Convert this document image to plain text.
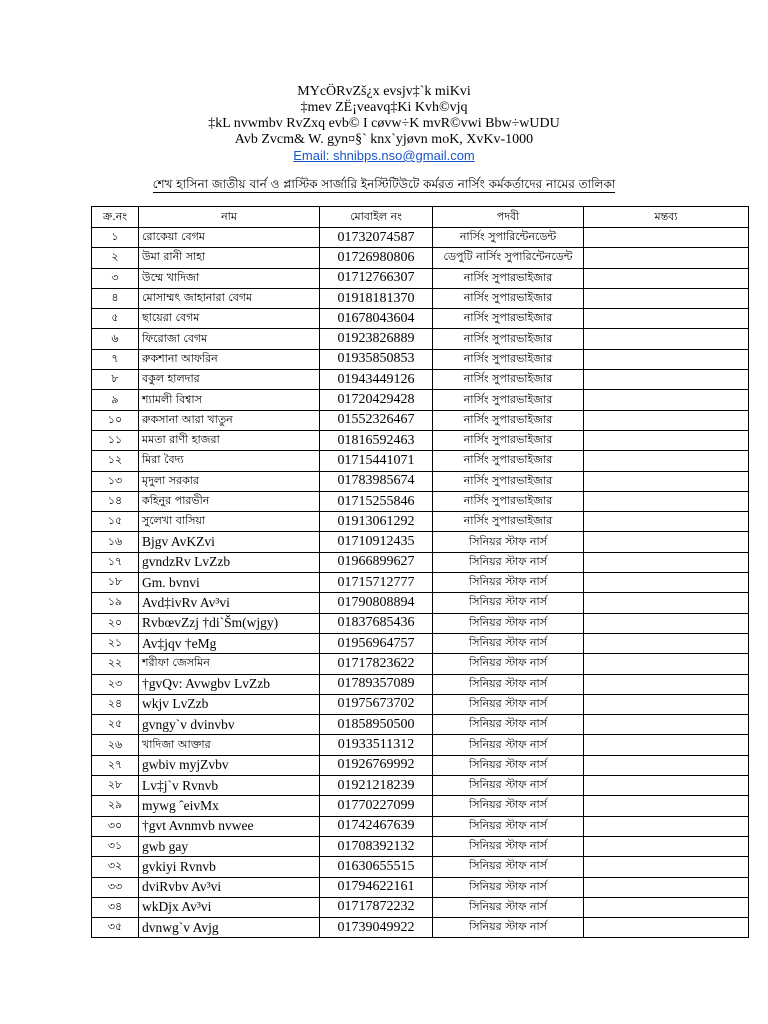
MYcÖRvZš¿x evsjv‡`k miKvi
‡mev ZË¡veavq‡Ki Kvh©vjq
‡kL nvwmbv RvZxq evb© I cøvw÷K mvR©vwi Bbw÷wUDU
Avb Zvcm& W. gyn¤§` knx`yjøvn moK, XvKv-1000
Email: shnibps.nso@gmail.com
শেখ হাসিনা জাতীয় বার্ন ও প্লাস্টিক সার্জারি ইনস্টিটিউটে কর্মরত নার্সিং কর্মকর্তাদের নামের তালিকা
ক্র.নং	নাম	মোবাইল নং	পদবী	মন্তব্য
১	রোকেয়া বেগম	01732074587	নার্সিং সুপারিন্টেনডেন্ট	
২	উমা রানী সাহা	01726980806	ডেপুটি নার্সিং সুপারিন্টেনডেন্ট	
৩	উম্মে খাদিজা	01712766307	নার্সিং সুপারভাইজার	
৪	মোসাম্মৎ জাহানারা বেগম	01918181370	নার্সিং সুপারভাইজার	
৫	ছায়েরা বেগম	01678043604	নার্সিং সুপারভাইজার	
৬	ফিরোজা বেগম	01923826889	নার্সিং সুপারভাইজার	
৭	রুকশানা আফরিন	01935850853	নার্সিং সুপারভাইজার	
৮	বকুল হালদার	01943449126	নার্সিং সুপারভাইজার	
৯	শ্যামলী বিশ্বাস	01720429428	নার্সিং সুপারভাইজার	
১০	রুকসানা আরা খাতুন	01552326467	নার্সিং সুপারভাইজার	
১১	মমতা রাণী হাজরা	01816592463	নার্সিং সুপারভাইজার	
১২	মিরা বৈদ্য	01715441071	নার্সিং সুপারভাইজার	
১৩	মৃদুলা সরকার	01783985674	নার্সিং সুপারভাইজার	
১৪	কহিনুর পারভীন	01715255846	নার্সিং সুপারভাইজার	
১৫	সুলেখা বাসিয়া	01913061292	নার্সিং সুপারভাইজার	
১৬	Bjgv AvKZvi	01710912435	সিনিয়র স্টাফ নার্স	
১৭	gvndzRv LvZzb	01966899627	সিনিয়র স্টাফ নার্স	
১৮	Gm. bvnvi	01715712777	সিনিয়র স্টাফ নার্স	
১৯	Avd‡ivRv Av³vi	01790808894	সিনিয়র স্টাফ নার্স	
২০	RvbœvZzj †di`Šm(wjgy)	01837685436	সিনিয়র স্টাফ নার্স	
২১	Av‡jqv †eMg	01956964757	সিনিয়র স্টাফ নার্স	
২২	শরীফা জেসমিন	01717823622	সিনিয়র স্টাফ নার্স	
২৩	†gvQv: Avwgbv LvZzb	01789357089	সিনিয়র স্টাফ নার্স	
২৪	wkjv LvZzb	01975673702	সিনিয়র স্টাফ নার্স	
২৫	gvngy`v dvinvbv	01858950500	সিনিয়র স্টাফ নার্স	
২৬	খাদিজা আক্তার	01933511312	সিনিয়র স্টাফ নার্স	
২৭	gwbiv myjZvbv	01926769992	সিনিয়র স্টাফ নার্স	
২৮	Lv‡j`v Rvnvb	01921218239	সিনিয়র স্টাফ নার্স	
২৯	mywg ˆeivMx	01770227099	সিনিয়র স্টাফ নার্স	
৩০	†gvt Avnmvb nvwee	01742467639	সিনিয়র স্টাফ নার্স	
৩১	gwb gay	01708392132	সিনিয়র স্টাফ নার্স	
৩২	gvkiyi Rvnvb	01630655515	সিনিয়র স্টাফ নার্স	
৩৩	dviRvbv Av³vi	01794622161	সিনিয়র স্টাফ নার্স	
৩৪	wkDjx Av³vi	01717872232	সিনিয়র স্টাফ নার্স	
৩৫	dvnwg`v Avjg	01739049922	সিনিয়র স্টাফ নার্স	
